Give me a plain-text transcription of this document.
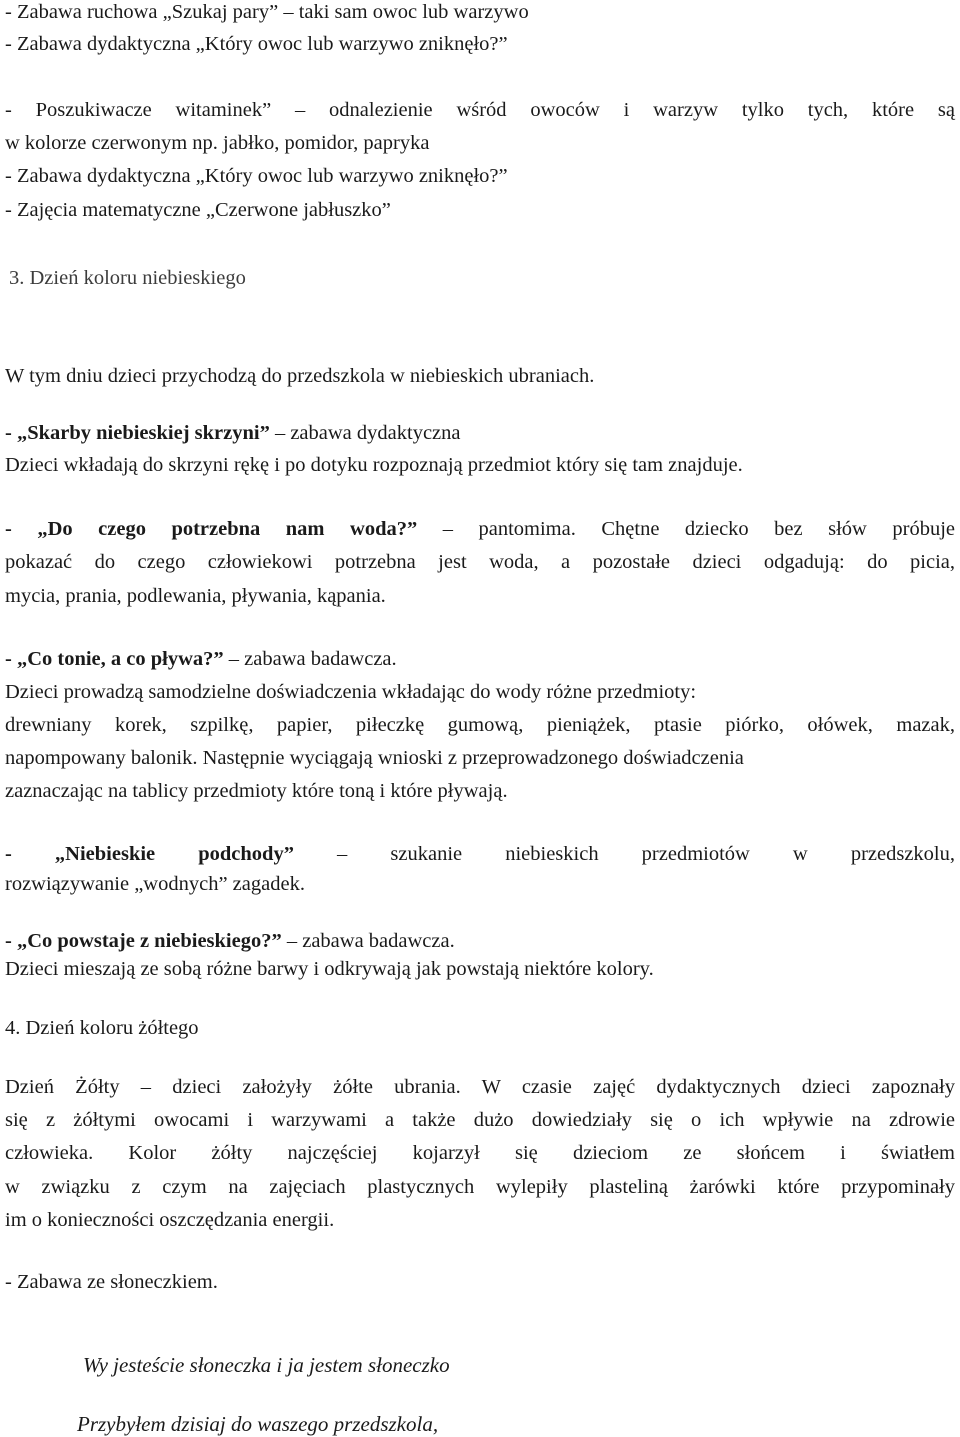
- Zabawa ruchowa „Szukaj pary” – taki sam owoc lub warzywo
- Zabawa dydaktyczna „Który owoc lub warzywo zniknęło?”
- Poszukiwacze witaminek” – odnalezienie wśród owoców i warzyw tylko tych, które są
w kolorze czerwonym np. jabłko, pomidor, papryka
- Zabawa dydaktyczna „Który owoc lub warzywo zniknęło?”
- Zajęcia matematyczne „Czerwone jabłuszko”
3. Dzień koloru niebieskiego
W tym dniu dzieci przychodzą do przedszkola w niebieskich ubraniach.
- „Skarby niebieskiej skrzyni” – zabawa dydaktyczna
Dzieci wkładają do skrzyni rękę i po dotyku rozpoznają przedmiot który się tam znajduje.
- „Do czego potrzebna nam woda?” – pantomima. Chętne dziecko bez słów próbuje
pokazać do czego człowiekowi potrzebna jest woda, a pozostałe dzieci odgadują: do picia,
mycia, prania, podlewania, pływania, kąpania.
- „Co tonie, a co pływa?” – zabawa badawcza.
Dzieci prowadzą samodzielne doświadczenia wkładając do wody różne przedmioty:
drewniany korek, szpilkę, papier, piłeczkę gumową, pieniążek, ptasie piórko, ołówek, mazak,
napompowany balonik. Następnie wyciągają wnioski z przeprowadzonego doświadczenia
zaznaczając na tablicy przedmioty które toną i które pływają.
- „Niebieskie podchody” – szukanie niebieskich przedmiotów w przedszkolu,
rozwiązywanie „wodnych” zagadek.
- „Co powstaje z niebieskiego?” – zabawa badawcza.
Dzieci mieszają ze sobą różne barwy i odkrywają jak powstają niektóre kolory.
4. Dzień koloru żółtego
Dzień Żółty – dzieci założyły żółte ubrania. W czasie zajęć dydaktycznych dzieci zapoznały
się z żółtymi owocami i warzywami a także dużo dowiedziały się o ich wpływie na zdrowie
człowieka. Kolor żółty najczęściej kojarzył się dzieciom ze słońcem i światłem
w związku z czym na zajęciach plastycznych wylepiły plasteliną żarówki które przypominały
im o konieczności oszczędzania energii.
- Zabawa ze słoneczkiem.
Wy jesteście słoneczka i ja jestem słoneczko
Przybyłem dzisiaj do waszego przedszkola,
